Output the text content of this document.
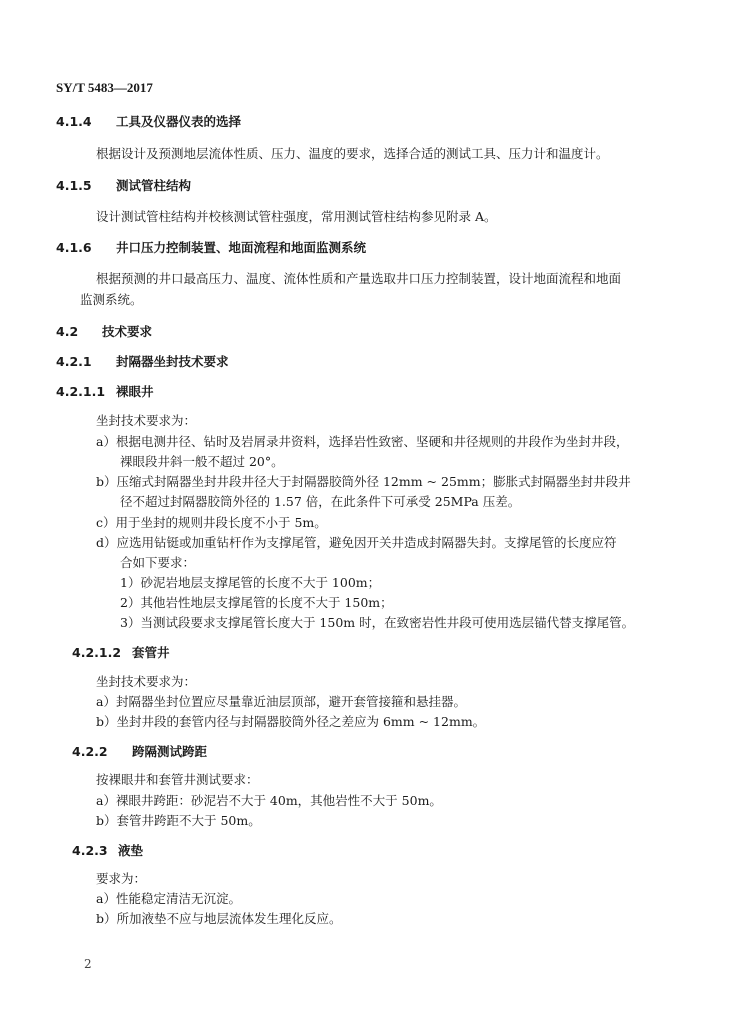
SY/T 5483—2017
4.1.4 工具及仪器仪表的选择
根据设计及预测地层流体性质、压力、温度的要求，选择合适的测试工具、压力计和温度计。
4.1.5 测试管柱结构
设计测试管柱结构并校核测试管柱强度，常用测试管柱结构参见附录 A。
4.1.6 井口压力控制装置、地面流程和地面监测系统
根据预测的井口最高压力、温度、流体性质和产量选取井口压力控制装置，设计地面流程和地面
监测系统。
4.2 技术要求
4.2.1 封隔器坐封技术要求
4.2.1.1 裸眼井
坐封技术要求为：
a）根据电测井径、钻时及岩屑录井资料，选择岩性致密、坚硬和井径规则的井段作为坐封井段，
裸眼段井斜一般不超过 20°。
b）压缩式封隔器坐封井段井径大于封隔器胶筒外径 12mm ~ 25mm；膨胀式封隔器坐封井段井
径不超过封隔器胶筒外径的 1.57 倍，在此条件下可承受 25MPa 压差。
c）用于坐封的规则井段长度不小于 5m。
d）应选用钻铤或加重钻杆作为支撑尾管，避免因开关井造成封隔器失封。支撑尾管的长度应符
合如下要求：
1）砂泥岩地层支撑尾管的长度不大于 100m；
2）其他岩性地层支撑尾管的长度不大于 150m；
3）当测试段要求支撑尾管长度大于 150m 时，在致密岩性井段可使用选层锚代替支撑尾管。
4.2.1.2 套管井
坐封技术要求为：
a）封隔器坐封位置应尽量靠近油层顶部，避开套管接箍和悬挂器。
b）坐封井段的套管内径与封隔器胶筒外径之差应为 6mm ~ 12mm。
4.2.2 跨隔测试跨距
按裸眼井和套管井测试要求：
a）裸眼井跨距：砂泥岩不大于 40m，其他岩性不大于 50m。
b）套管井跨距不大于 50m。
4.2.3 液垫
要求为：
a）性能稳定清洁无沉淀。
b）所加液垫不应与地层流体发生理化反应。
2
